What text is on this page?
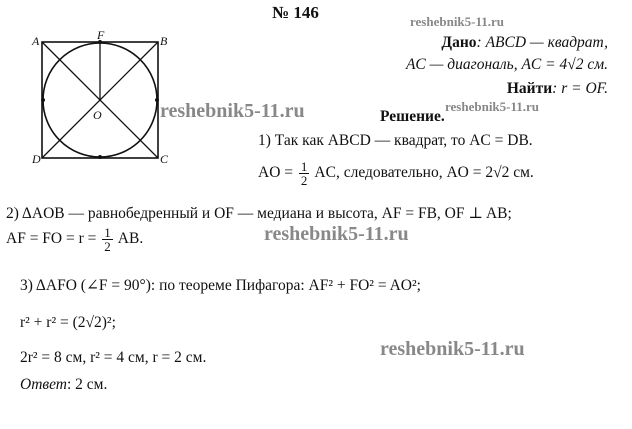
№ 146	reshebnik5-11.ru
A	B
C
D
F
O	reshebnik5-11.ru
Дано: ABCD — квадрат,
AC — диагональ, AC = 4√2 см.
Найти: r = OF.
Решение.
reshebnik5-11.ru
1) Так как ABCD — квадрат, то AC = DB.
AO = $\frac{1}{2}$ AC, следовательно, AO = 2√2 см.
2) ΔAOB — равнобедренный и OF — медиана и высота, AF = FB, OF ⊥ AB;
AF = FO = $r = \frac{1}{2}$ AB.	reshebnik5-11.ru
3) ΔAFO (∠F = 90°): по теореме Пифагора: AF² + FO² = AO²;
r² + r² = (2√2)²;
2r² = 8 см, r² = 4 см, r = 2 см.	reshebnik5-11.ru
Ответ: 2 см.
